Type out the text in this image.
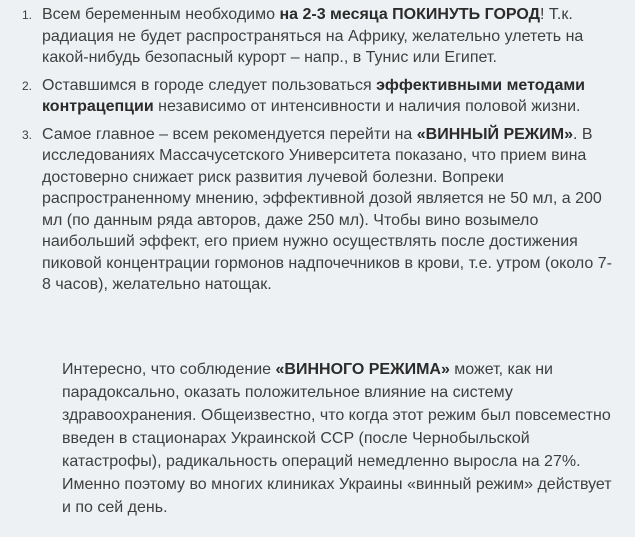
1. Всем беременным необходимо на 2-3 месяца ПОКИНУТЬ ГОРОД! Т.к. радиация не будет распространяться на Африку, желательно улететь на какой-нибудь безопасный курорт – напр., в Тунис или Египет.

2. Оставшимся в городе следует пользоваться эффективными методами контрацепции независимо от интенсивности и наличия половой жизни.

3. Самое главное – всем рекомендуется перейти на «ВИННЫЙ РЕЖИМ». В исследованиях Массачусетского Университета показано, что прием вина достоверно снижает риск развития лучевой болезни. Вопреки распространенному мнению, эффективной дозой является не 50 мл, а 200 мл (по данным ряда авторов, даже 250 мл). Чтобы вино возымело наибольший эффект, его прием нужно осуществлять после достижения пиковой концентрации гормонов надпочечников в крови, т.е. утром (около 7-8 часов), желательно натощак.

Интересно, что соблюдение «ВИННОГО РЕЖИМА» может, как ни парадоксально, оказать положительное влияние на систему здравоохранения. Общеизвестно, что когда этот режим был повсеместно введен в стационарах Украинской ССР (после Чернобыльской катастрофы), радикальность операций немедленно выросла на 27%. Именно поэтому во многих клиниках Украины «винный режим» действует и по сей день.
